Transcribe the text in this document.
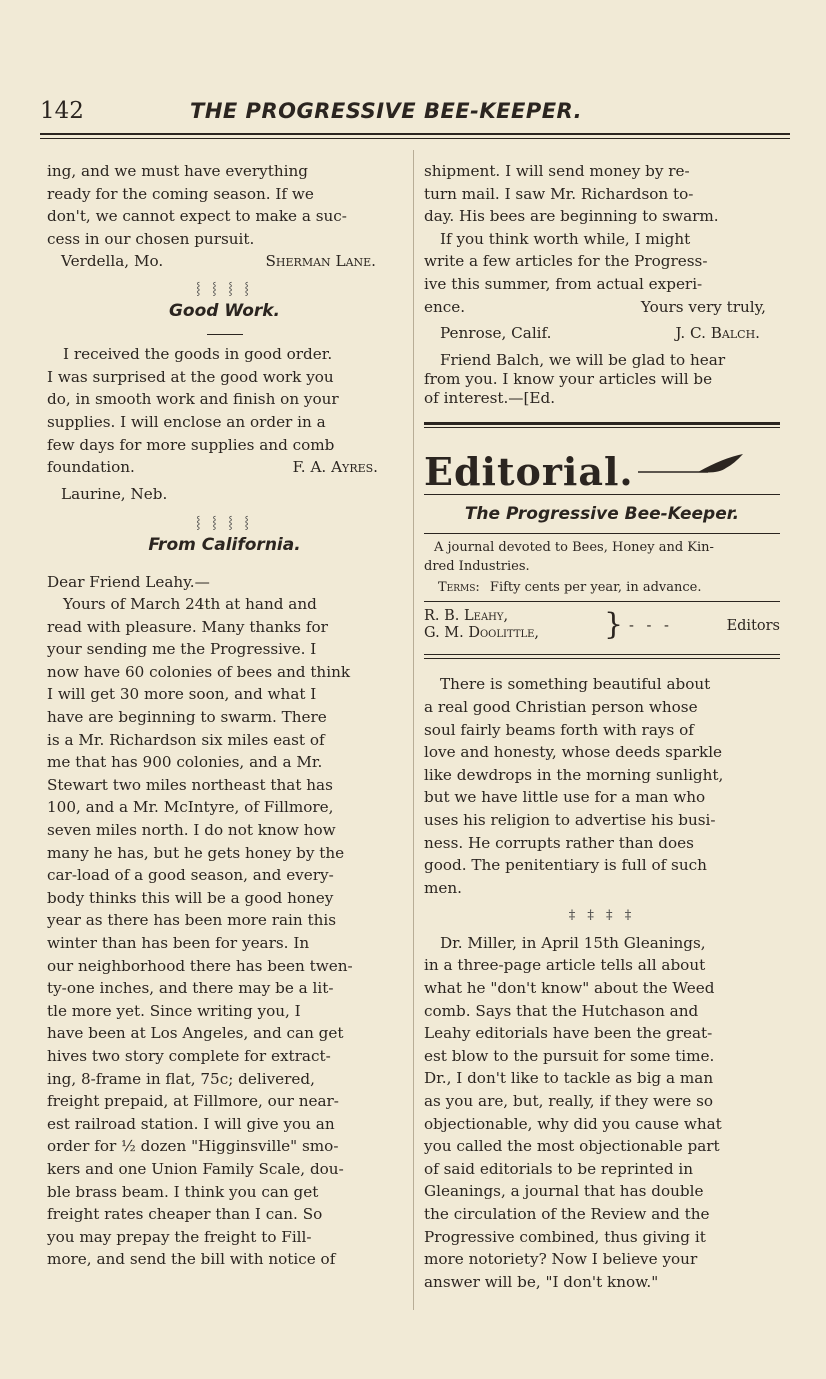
142	THE PROGRESSIVE BEE-KEEPER.

ing, and we must have everything

ready for the coming season. If we

don't, we cannot expect to make a suc-

cess in our chosen pursuit.

Verdella, Mo.	Sherman Lane.
⸾ ⸾ ⸾ ⸾
Good Work.

I received the goods in good order.

I was surprised at the good work you

do, in smooth work and finish on your

supplies. I will enclose an order in a

few days for more supplies and comb

foundation.	F. A. Ayres.

Laurine, Neb.

⸾ ⸾ ⸾ ⸾
From California.

Dear Friend Leahy.—

Yours of March 24th at hand and

read with pleasure. Many thanks for

your sending me the Progressive. I

now have 60 colonies of bees and think

I will get 30 more soon, and what I

have are beginning to swarm. There

is a Mr. Richardson six miles east of

me that has 900 colonies, and a Mr.

Stewart two miles northeast that has

100, and a Mr. McIntyre, of Fillmore,

seven miles north. I do not know how

many he has, but he gets honey by the

car-load of a good season, and every-

body thinks this will be a good honey

year as there has been more rain this

winter than has been for years. In

our neighborhood there has been twen-

ty-one inches, and there may be a lit-

tle more yet. Since writing you, I

have been at Los Angeles, and can get

hives two story complete for extract-

ing, 8-frame in flat, 75c; delivered,

freight prepaid, at Fillmore, our near-

est railroad station. I will give you an

order for ½ dozen "Higginsville" smo-

kers and one Union Family Scale, dou-

ble brass beam. I think you can get

freight rates cheaper than I can. So

you may prepay the freight to Fill-

more, and send the bill with notice of

shipment. I will send money by re-

turn mail. I saw Mr. Richardson to-

day. His bees are beginning to swarm.

If you think worth while, I might

write a few articles for the Progress-

ive this summer, from actual experi-

ence.	Yours very truly,
Penrose, Calif.	J. C. Balch.

Friend Balch, we will be glad to hear

from you. I know your articles will be

of interest.—[Ed.

Editorial.
The Progressive Bee-Keeper.

A journal devoted to Bees, Honey and Kin-

dred Industries.

Terms: Fifty cents per year, in advance.
R. B. Leahy,
G. M. Doolittle, } - - -	Editors

There is something beautiful about

a real good Christian person whose

soul fairly beams forth with rays of

love and honesty, whose deeds sparkle

like dewdrops in the morning sunlight,

but we have little use for a man who

uses his religion to advertise his busi-

ness. He corrupts rather than does

good. The penitentiary is full of such

men.

‡ ‡ ‡ ‡

Dr. Miller, in April 15th Gleanings,

in a three-page article tells all about

what he "don't know" about the Weed

comb. Says that the Hutchason and

Leahy editorials have been the great-

est blow to the pursuit for some time.

Dr., I don't like to tackle as big a man

as you are, but, really, if they were so

objectionable, why did you cause what

you called the most objectionable part

of said editorials to be reprinted in

Gleanings, a journal that has double

the circulation of the Review and the

Progressive combined, thus giving it

more notoriety? Now I believe your

answer will be, "I don't know."
